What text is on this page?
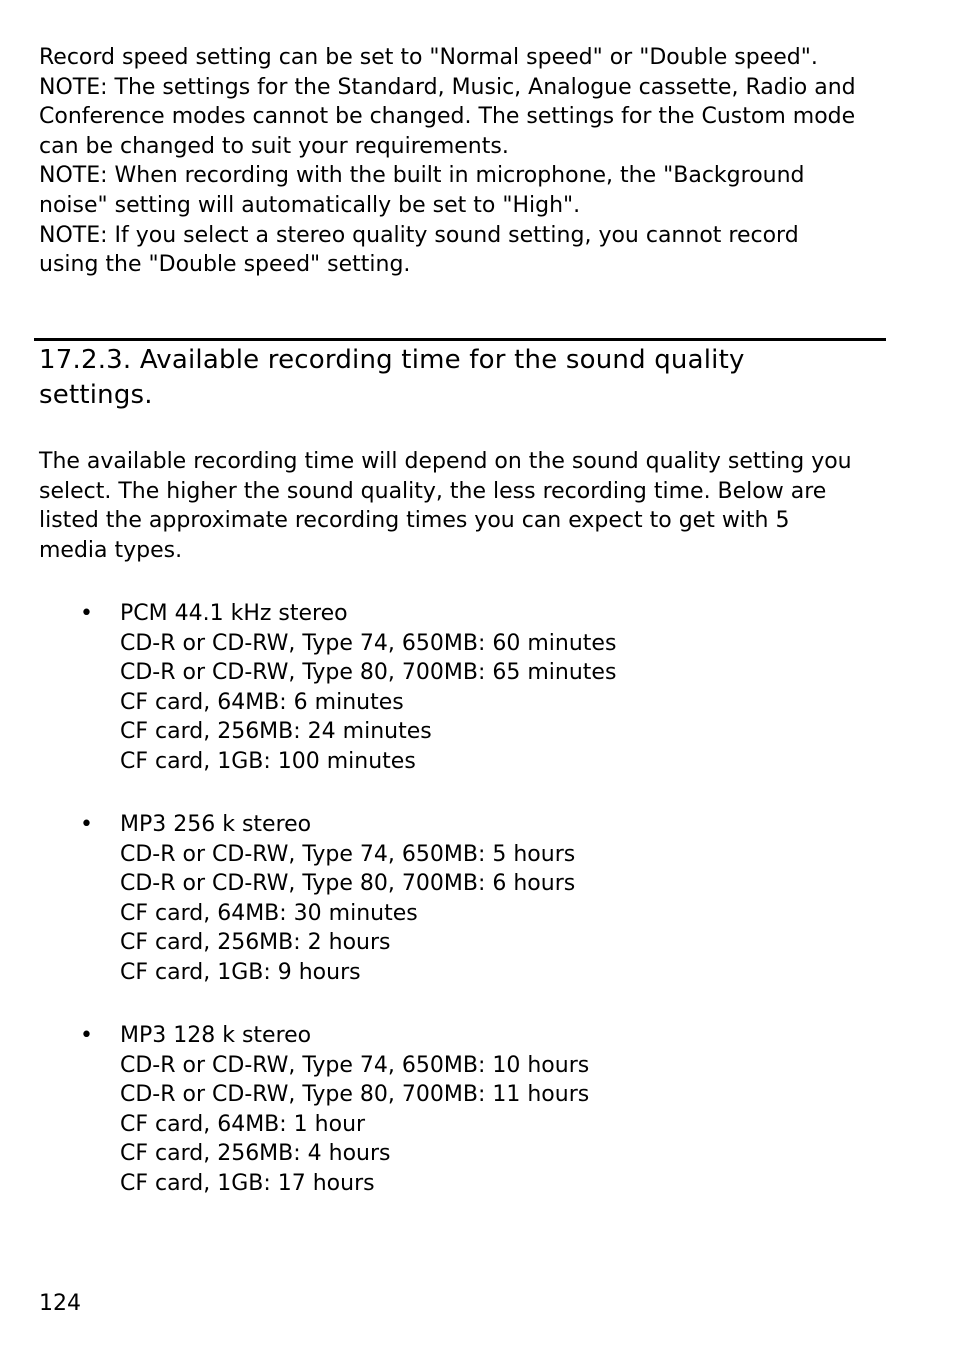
Record speed setting can be set to "Normal speed" or "Double speed".
NOTE: The settings for the Standard, Music, Analogue cassette, Radio and
Conference modes cannot be changed. The settings for the Custom mode
can be changed to suit your requirements.
NOTE: When recording with the built in microphone, the "Background
noise" setting will automatically be set to "High".
NOTE: If you select a stereo quality sound setting, you cannot record
using the "Double speed" setting.

17.2.3. Available recording time for the sound quality
settings.

The available recording time will depend on the sound quality setting you
select. The higher the sound quality, the less recording time. Below are
listed the approximate recording times you can expect to get with 5
media types.

• PCM 44.1 kHz stereo
CD-R or CD-RW, Type 74, 650MB: 60 minutes
CD-R or CD-RW, Type 80, 700MB: 65 minutes
CF card, 64MB: 6 minutes
CF card, 256MB: 24 minutes
CF card, 1GB: 100 minutes
• MP3 256 k stereo
CD-R or CD-RW, Type 74, 650MB: 5 hours
CD-R or CD-RW, Type 80, 700MB: 6 hours
CF card, 64MB: 30 minutes
CF card, 256MB: 2 hours
CF card, 1GB: 9 hours
• MP3 128 k stereo
CD-R or CD-RW, Type 74, 650MB: 10 hours
CD-R or CD-RW, Type 80, 700MB: 11 hours
CF card, 64MB: 1 hour
CF card, 256MB: 4 hours
CF card, 1GB: 17 hours
124
